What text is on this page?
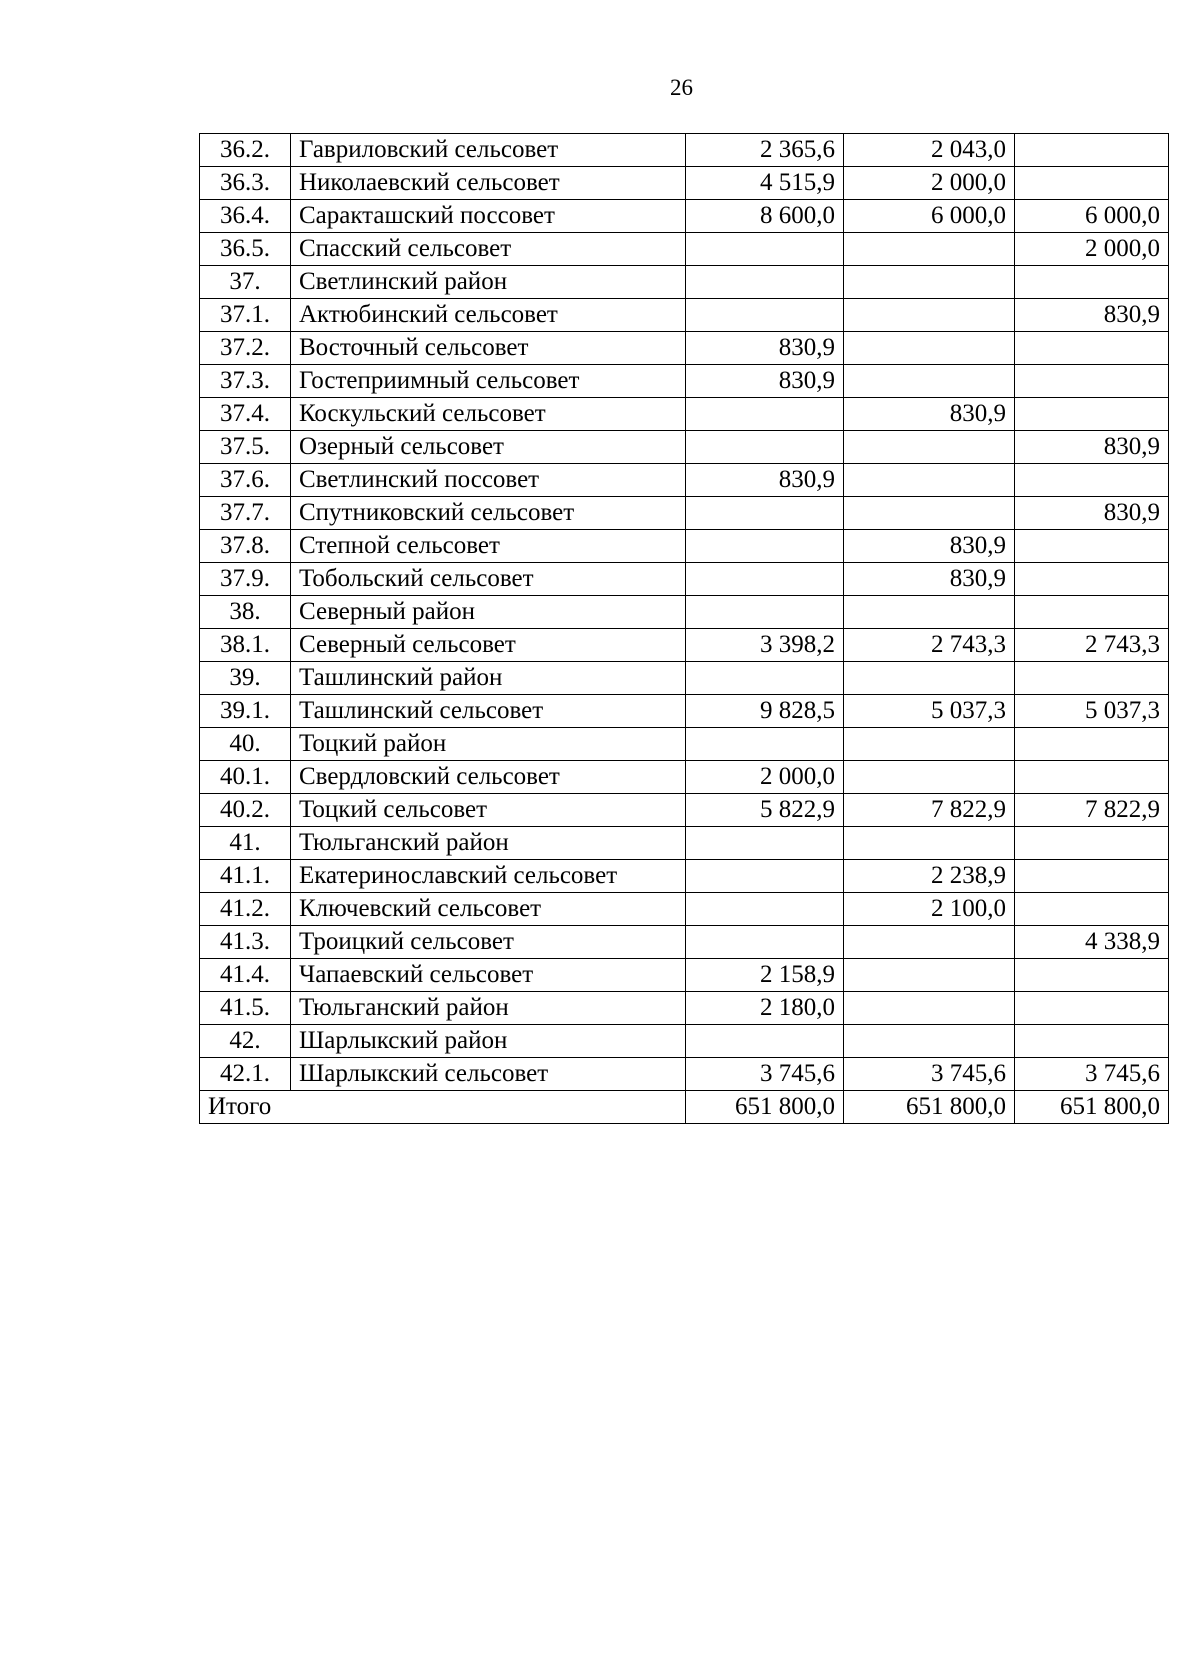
26
36.2.	Гавриловский сельсовет	2 365,6	2 043,0	
36.3.	Николаевский сельсовет	4 515,9	2 000,0	
36.4.	Саракташский поссовет	8 600,0	6 000,0	6 000,0
36.5.	Спасский сельсовет			2 000,0
37.	Светлинский район			
37.1.	Актюбинский сельсовет			830,9
37.2.	Восточный сельсовет	830,9		
37.3.	Гостеприимный сельсовет	830,9		
37.4.	Коскульский сельсовет		830,9	
37.5.	Озерный сельсовет			830,9
37.6.	Светлинский поссовет	830,9		
37.7.	Спутниковский сельсовет			830,9
37.8.	Степной сельсовет		830,9	
37.9.	Тобольский сельсовет		830,9	
38.	Северный район			
38.1.	Северный сельсовет	3 398,2	2 743,3	2 743,3
39.	Ташлинский район			
39.1.	Ташлинский сельсовет	9 828,5	5 037,3	5 037,3
40.	Тоцкий район			
40.1.	Свердловский сельсовет	2 000,0		
40.2.	Тоцкий сельсовет	5 822,9	7 822,9	7 822,9
41.	Тюльганский район			
41.1.	Екатеринославский сельсовет		2 238,9	
41.2.	Ключевский сельсовет		2 100,0	
41.3.	Троицкий сельсовет			4 338,9
41.4.	Чапаевский сельсовет	2 158,9		
41.5.	Тюльганский район	2 180,0		
42.	Шарлыкский район			
42.1.	Шарлыкский сельсовет	3 745,6	3 745,6	3 745,6
Итого		651 800,0	651 800,0	651 800,0
